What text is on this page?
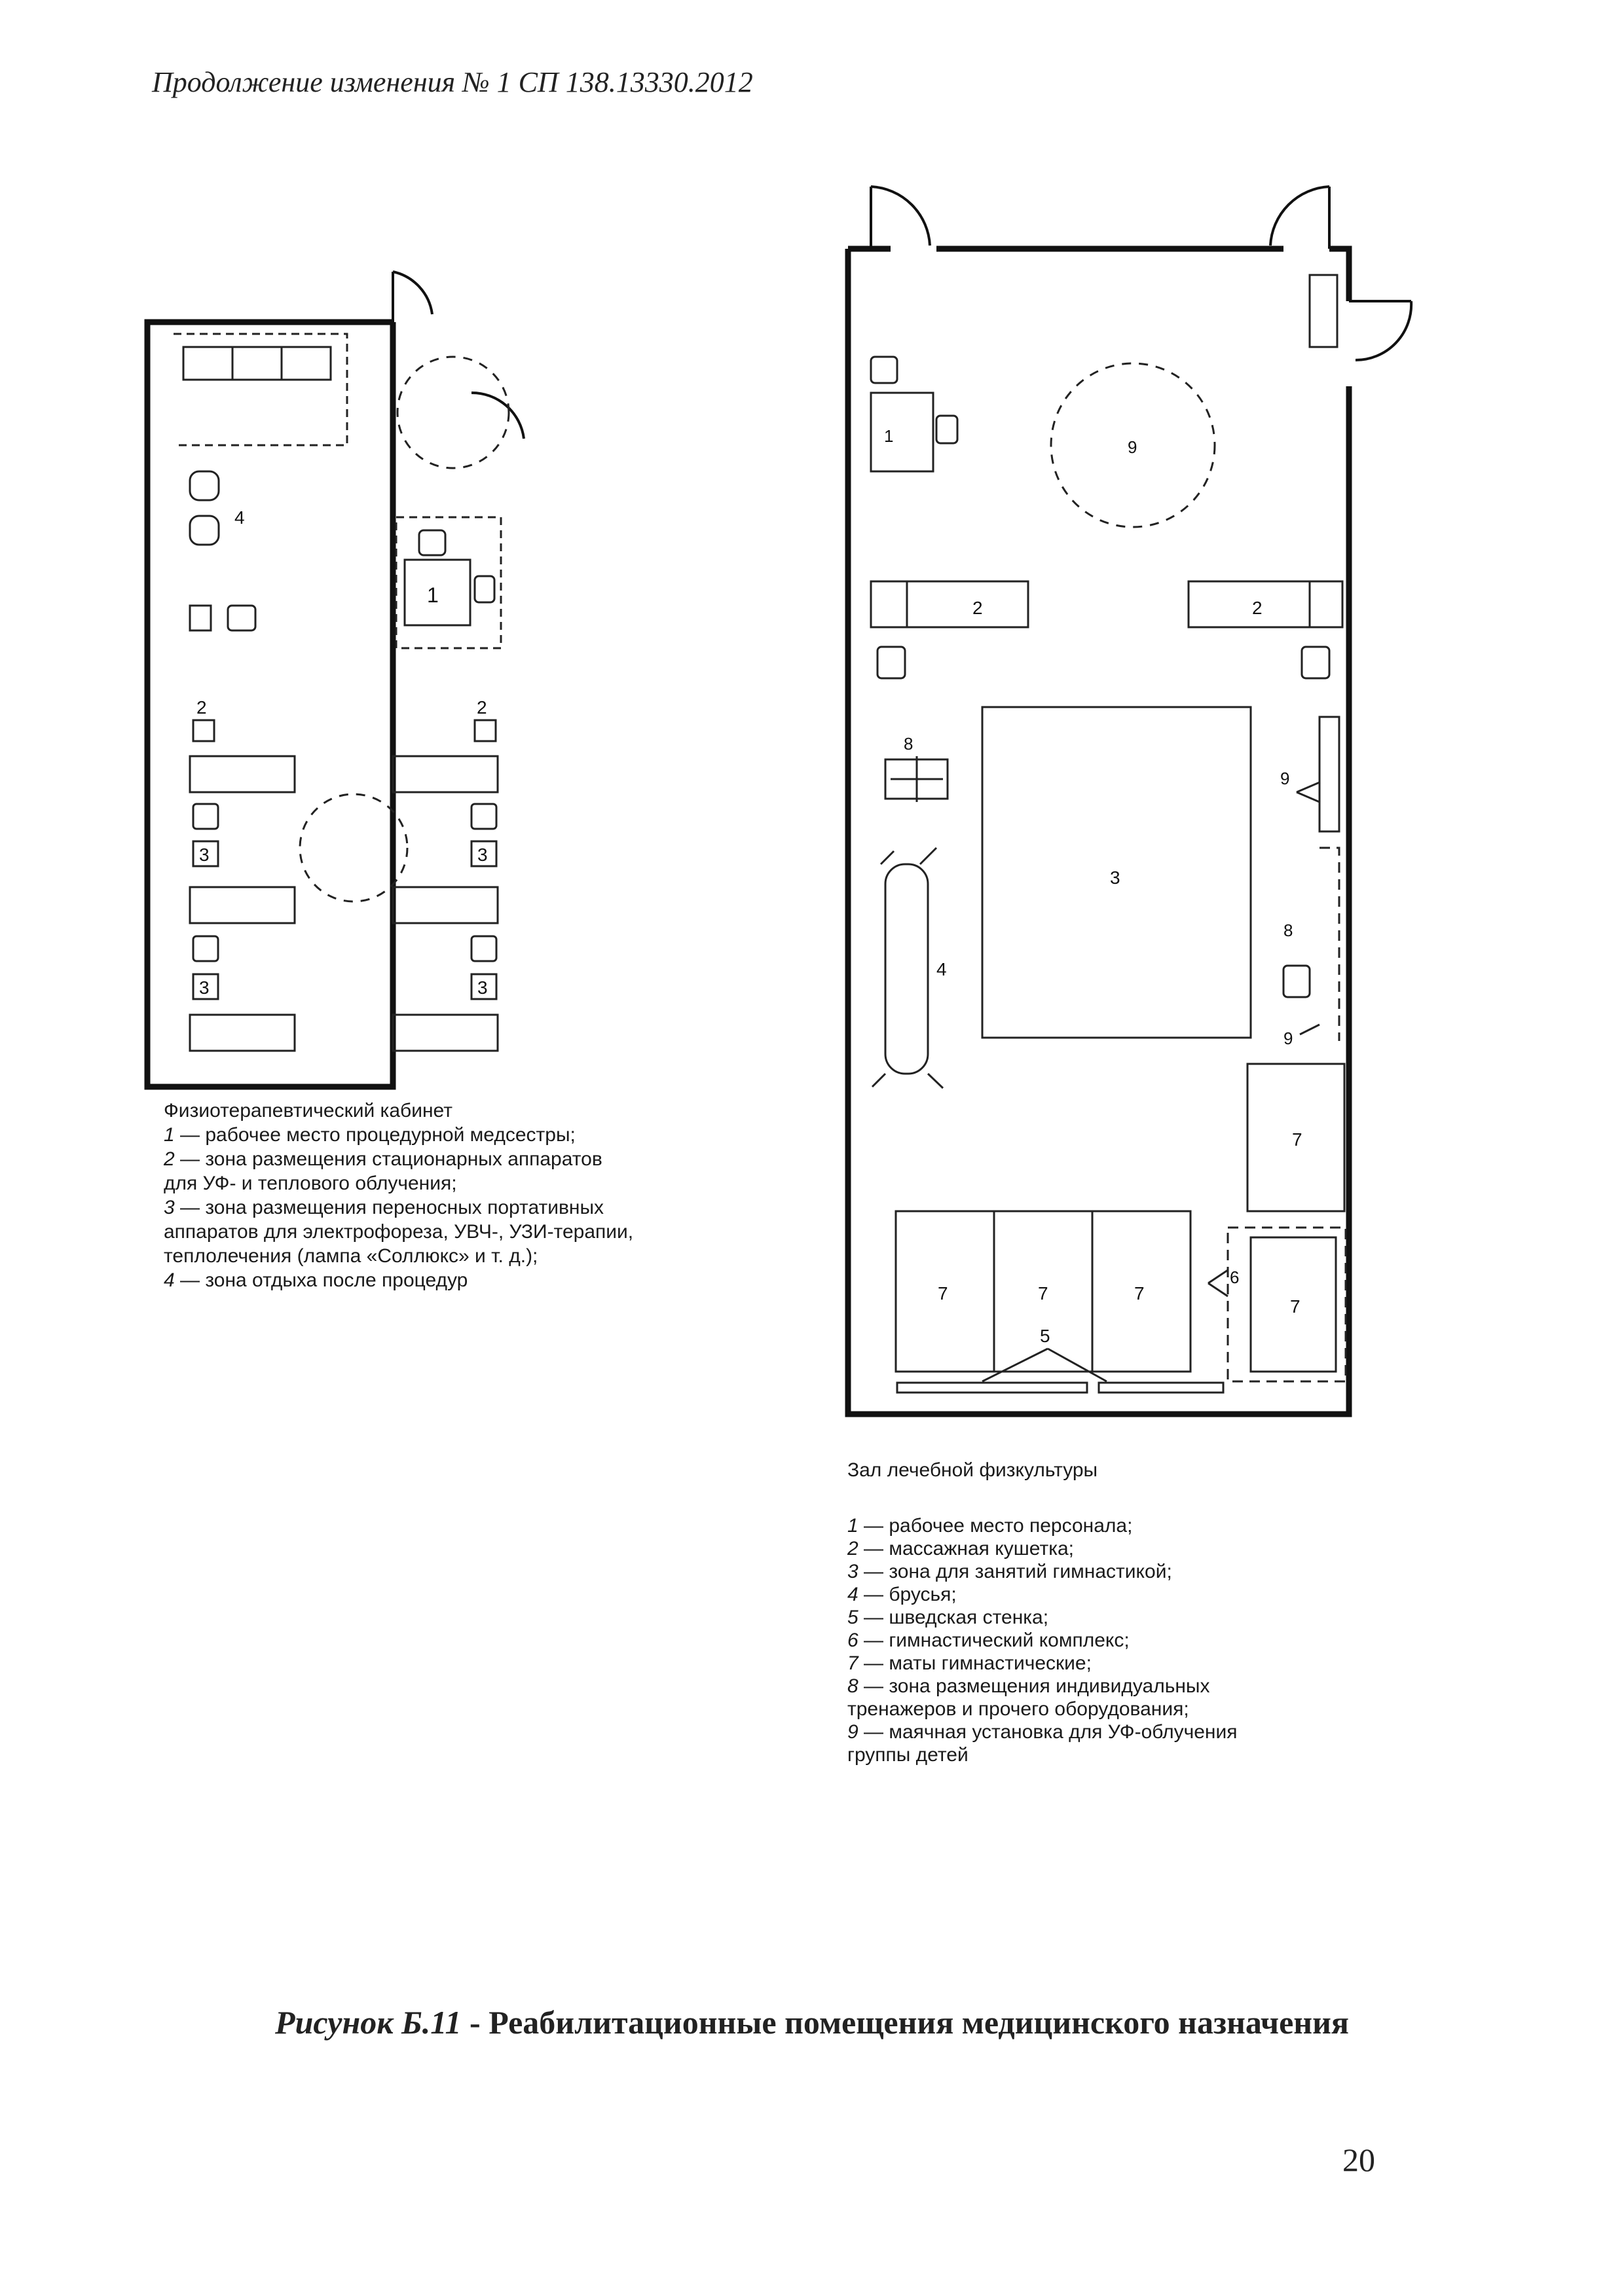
Продолжение изменения № 1 СП 138.13330.2012
1
4
2	2
3
3
3
3
Физиотерапевтический кабинет
1 — рабочее место процедурной медсестры;
2 — зона размещения стационарных аппаратов
для УФ- и теплового облучения;
3 — зона размещения переносных портативных
аппаратов для электрофореза, УВЧ-, УЗИ-терапии,
теплолечения (лампа «Соллюкс» и т. д.);
4 — зона отдыха после процедур
1
9
2	2
3
8
4
9
8
9
7
7	7	7
7
6
5
Зал лечебной физкультуры
1 — рабочее место персонала;
2 — массажная кушетка;
3 — зона для занятий гимнастикой;
4 — брусья;
5 — шведская стенка;
6 — гимнастический комплекс;
7 — маты гимнастические;
8 — зона размещения индивидуальных
тренажеров и прочего оборудования;
9 — маячная установка для УФ-облучения
группы детей
Рисунок Б.11 - Реабилитационные помещения медицинского назначения
20
